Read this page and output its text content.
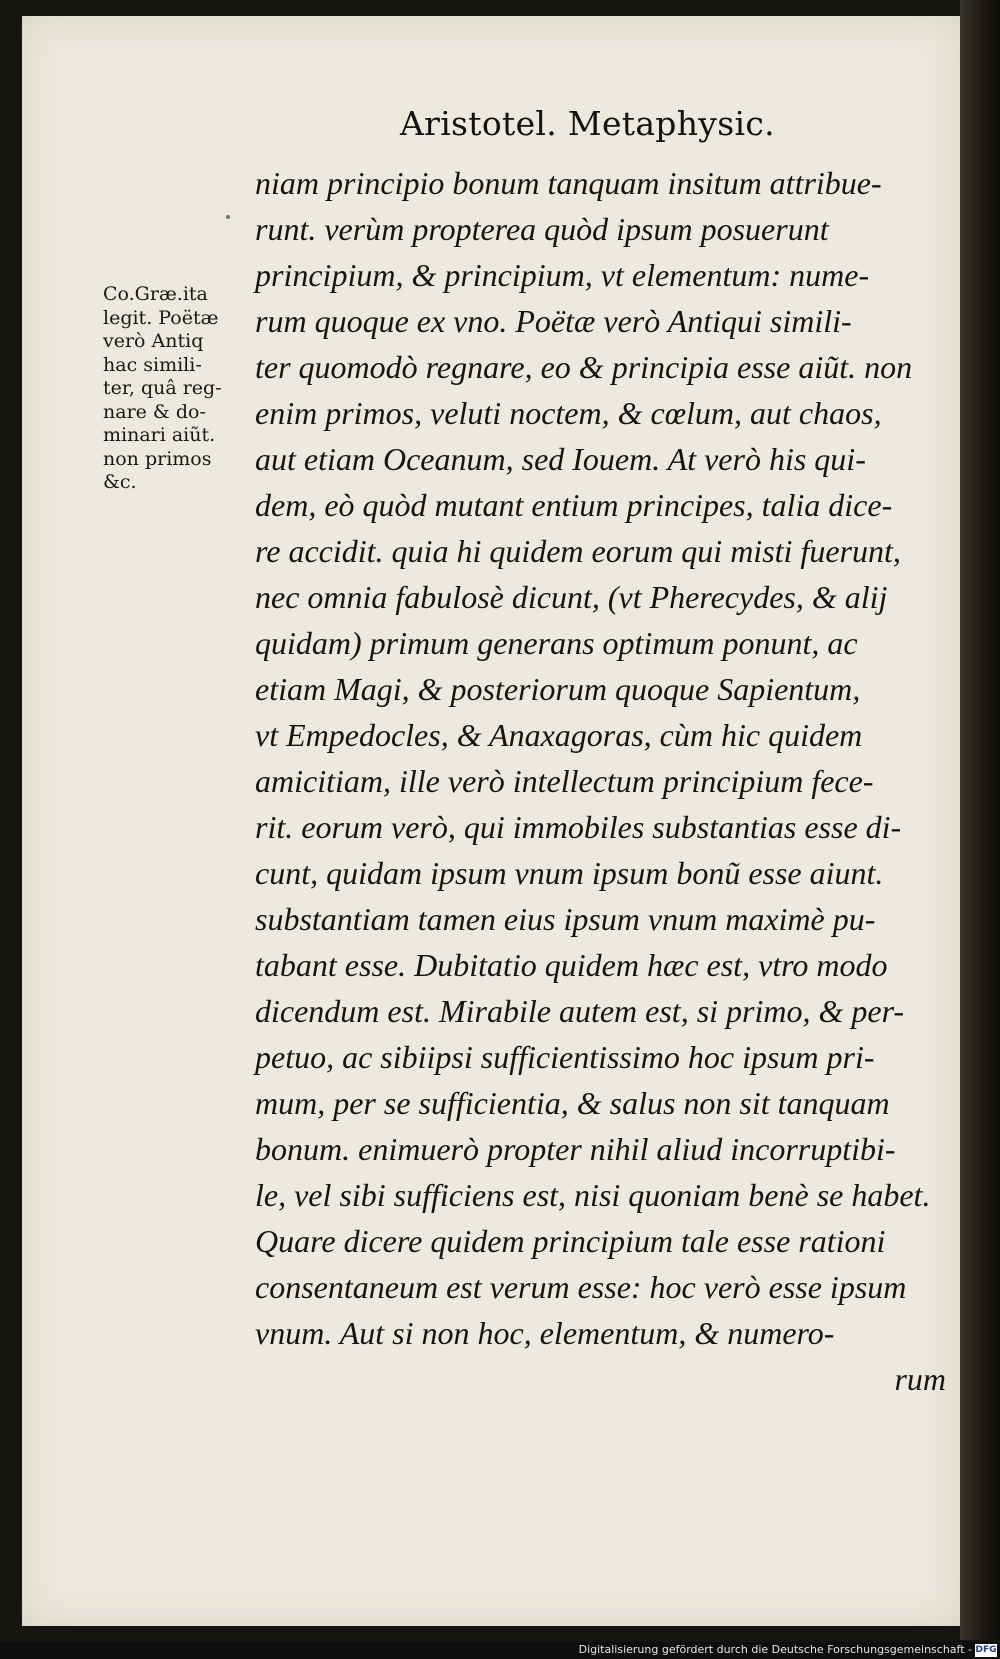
Aristotel. Metaphysic.
Co.Græ.ita
legit. Poëtæ
verò Antiq
hac simili-
ter, quâ reg-
nare & do-
minari aiũt.
non primos
&c.
niam principio bonum tanquam insitum attribue-
runt. verùm propterea quòd ipsum posuerunt
principium, & principium, vt elementum: nume-
rum quoque ex vno. Poëtæ verò Antiqui simili-
ter quomodò regnare, eo & principia esse aiũt. non
enim primos, veluti noctem, & cœlum, aut chaos,
aut etiam Oceanum, sed Iouem. At verò his qui-
dem, eò quòd mutant entium principes, talia dice-
re accidit. quia hi quidem eorum qui misti fuerunt,
nec omnia fabulosè dicunt, (vt Pherecydes, & alij
quidam) primum generans optimum ponunt, ac
etiam Magi, & posteriorum quoque Sapientum,
vt Empedocles, & Anaxagoras, cùm hic quidem
amicitiam, ille verò intellectum principium fece-
rit. eorum verò, qui immobiles substantias esse di-
cunt, quidam ipsum vnum ipsum bonũ esse aiunt.
substantiam tamen eius ipsum vnum maximè pu-
tabant esse. Dubitatio quidem hæc est, vtro modo
dicendum est. Mirabile autem est, si primo, & per-
petuo, ac sibiipsi sufficientissimo hoc ipsum pri-
mum, per se sufficientia, & salus non sit tanquam
bonum. enimuerò propter nihil aliud incorruptibi-
le, vel sibi sufficiens est, nisi quoniam benè se habet.
Quare dicere quidem principium tale esse rationi
consentaneum est verum esse: hoc verò esse ipsum
vnum. Aut si non hoc, elementum, & numero-
rum
Digitalisierung gefördert durch die Deutsche Forschungsgemeinschaft - DFG
